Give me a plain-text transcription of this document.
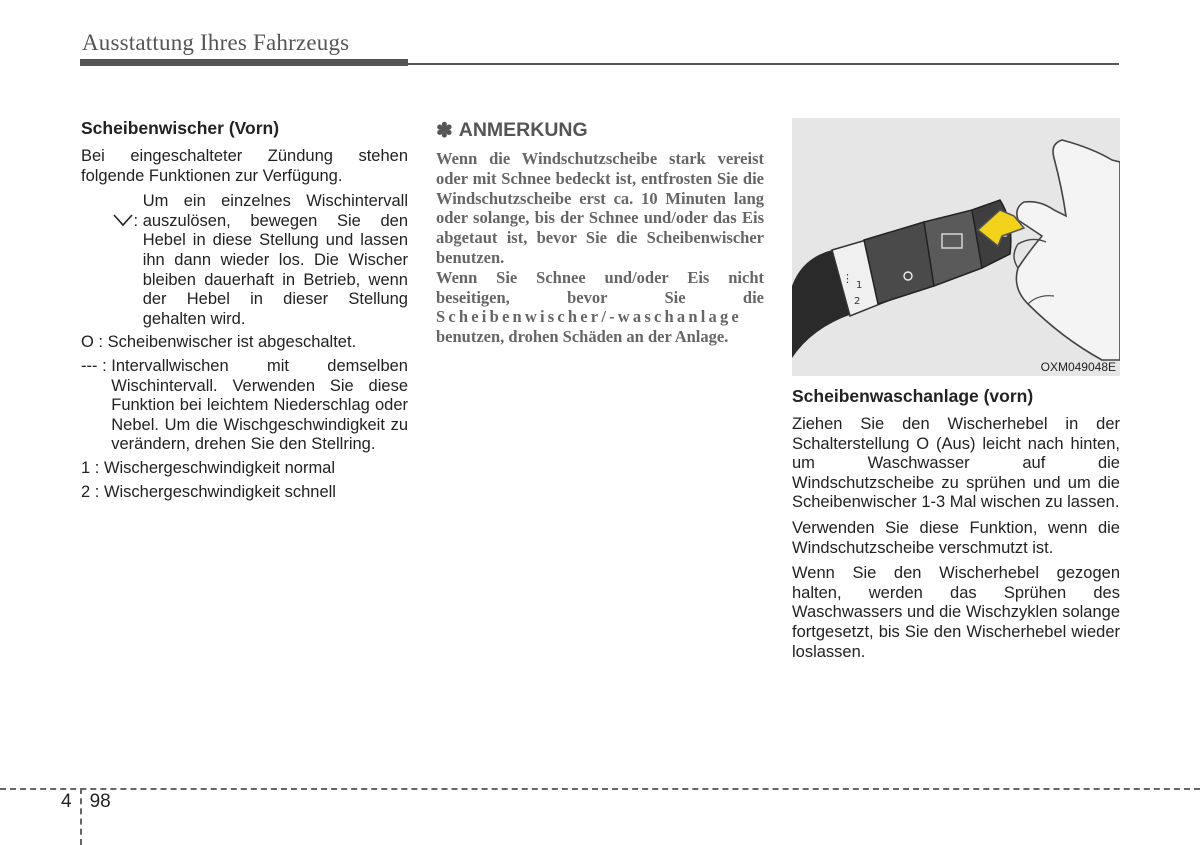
Ausstattung Ihres Fahrzeugs
Scheibenwischer (Vorn)
Bei eingeschalteter Zündung stehen folgende Funktionen zur Verfügung.

:

Um ein einzelnes Wischintervall auszulösen, bewegen Sie den Hebel in diese Stellung und lassen ihn dann wieder los. Die Wischer bleiben dauerhaft in Betrieb, wenn der Hebel in dieser Stellung gehalten wird.
O : Scheibenwischer ist abgeschaltet.
--- : Intervallwischen mit demselben Wischintervall. Verwenden Sie diese Funktion bei leichtem Niederschlag oder Nebel. Um die Wischgeschwindigkeit zu verändern, drehen Sie den Stellring.
1 : Wischergeschwindigkeit normal
2 : Wischergeschwindigkeit schnell
✽ ANMERKUNG

Wenn die Windschutzscheibe stark vereist oder mit Schnee bedeckt ist, entfrosten Sie die Windschutzscheibe erst ca. 10 Minuten lang oder solange, bis der Schnee und/oder das Eis abgetaut ist, bevor Sie die Scheibenwischer benutzen.

Wenn Sie Schnee und/oder Eis nicht beseitigen, bevor Sie die Scheibenwischer/-waschanlage benutzen, drohen Schäden an der Anlage.

⋮
1
2
OXM049048E
Scheibenwaschanlage (vorn)
Ziehen Sie den Wischerhebel in der Schalterstellung O (Aus) leicht nach hinten, um Waschwasser auf die Windschutzscheibe zu sprühen und um die Scheibenwischer 1-3 Mal wischen zu lassen.
Verwenden Sie diese Funktion, wenn die Windschutzscheibe verschmutzt ist.
Wenn Sie den Wischerhebel gezogen halten, werden das Sprühen des Waschwassers und die Wischzyklen solange fortgesetzt, bis Sie den Wischerhebel wieder loslassen.
4 98
